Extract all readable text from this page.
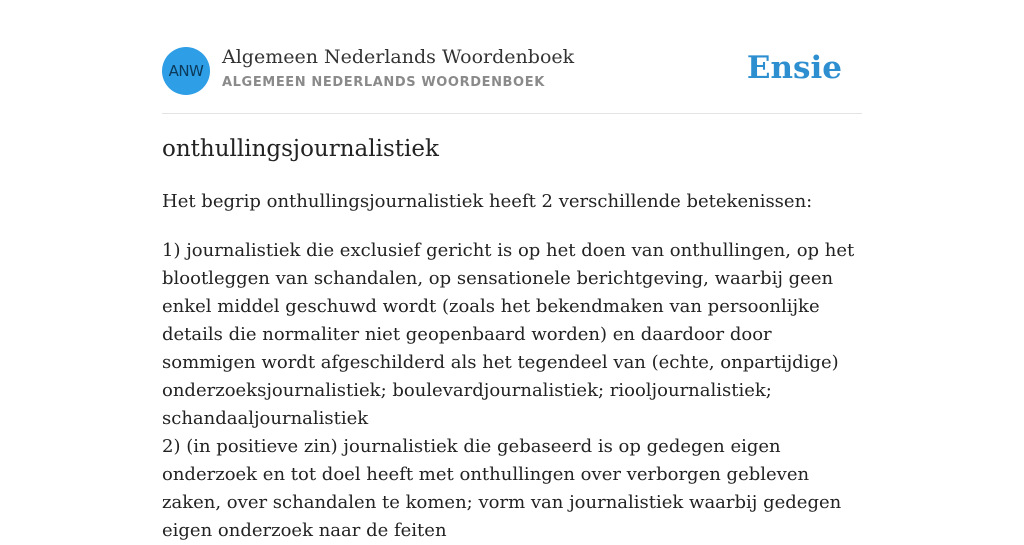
ANW
Algemeen Nederlands Woordenboek
ALGEMEEN NEDERLANDS WOORDENBOEK	Ensie
onthullingsjournalistiek
Het begrip onthullingsjournalistiek heeft 2 verschillende betekenissen:

1) journalistiek die exclusief gericht is op het doen van onthullingen, op het blootleggen van schandalen, op sensationele berichtgeving, waarbij geen enkel middel geschuwd wordt (zoals het bekendmaken van persoonlijke details die normaliter niet geopenbaard worden) en daardoor door sommigen wordt afgeschilderd als het tegendeel van (echte, onpartijdige) onderzoeksjournalistiek; boulevardjournalistiek; riooljournalistiek; schandaaljournalistiek

2) (in positieve zin) journalistiek die gebaseerd is op gedegen eigen onderzoek en tot doel heeft met onthullingen over verborgen gebleven zaken, over schandalen te komen; vorm van journalistiek waarbij gedegen eigen onderzoek naar de feiten
